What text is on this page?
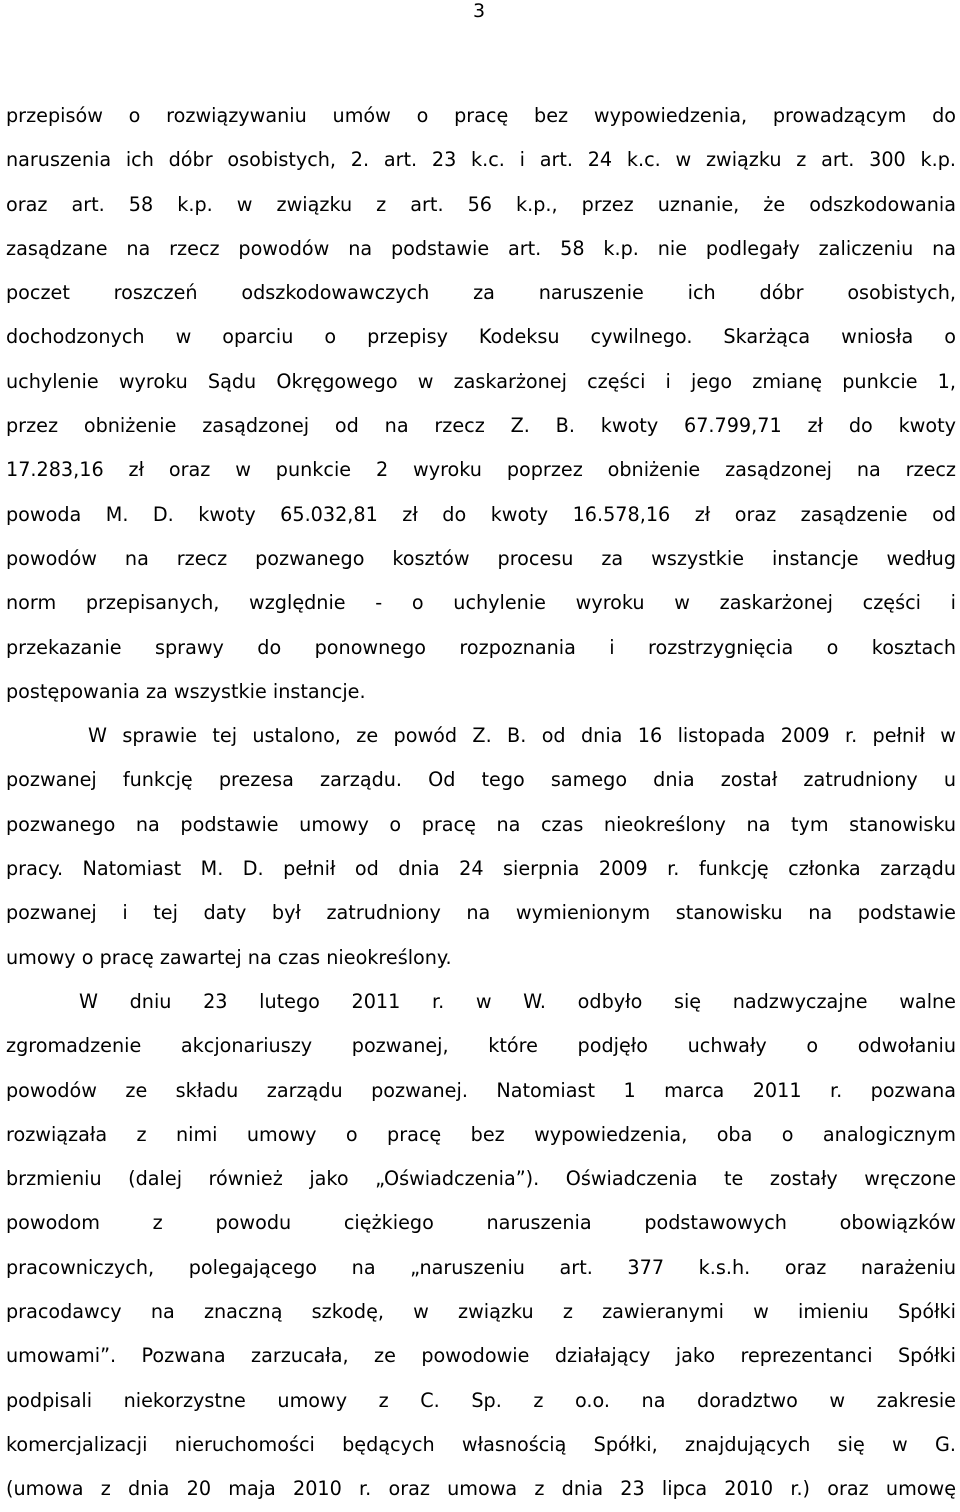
3
przepisów o rozwiązywaniu umów o pracę bez wypowiedzenia, prowadzącym do
naruszenia ich dóbr osobistych, 2. art. 23 k.c. i art. 24 k.c. w związku z art. 300 k.p.
oraz art. 58 k.p. w związku z art. 56 k.p., przez uznanie, że odszkodowania
zasądzane na rzecz powodów na podstawie art. 58 k.p. nie podlegały zaliczeniu na
poczet roszczeń odszkodowawczych za naruszenie ich dóbr osobistych,
dochodzonych w oparciu o przepisy Kodeksu cywilnego. Skarżąca wniosła o
uchylenie wyroku Sądu Okręgowego w zaskarżonej części i jego zmianę punkcie 1,
przez obniżenie zasądzonej od na rzecz Z. B. kwoty 67.799,71 zł do kwoty
17.283,16 zł oraz w punkcie 2 wyroku poprzez obniżenie zasądzonej na rzecz
powoda M. D. kwoty 65.032,81 zł do kwoty 16.578,16 zł oraz zasądzenie od
powodów na rzecz pozwanego kosztów procesu za wszystkie instancje według
norm przepisanych, względnie - o uchylenie wyroku w zaskarżonej części i
przekazanie sprawy do ponownego rozpoznania i rozstrzygnięcia o kosztach
postępowania za wszystkie instancje.
W sprawie tej ustalono, ze powód Z. B. od dnia 16 listopada 2009 r. pełnił w
pozwanej funkcję prezesa zarządu. Od tego samego dnia został zatrudniony u
pozwanego na podstawie umowy o pracę na czas nieokreślony na tym stanowisku
pracy. Natomiast M. D. pełnił od dnia 24 sierpnia 2009 r. funkcję członka zarządu
pozwanej i tej daty był zatrudniony na wymienionym stanowisku na podstawie
umowy o pracę zawartej na czas nieokreślony.
W dniu 23 lutego 2011 r. w W. odbyło się nadzwyczajne walne
zgromadzenie akcjonariuszy pozwanej, które podjęło uchwały o odwołaniu
powodów ze składu zarządu pozwanej. Natomiast 1 marca 2011 r. pozwana
rozwiązała z nimi umowy o pracę bez wypowiedzenia, oba o analogicznym
brzmieniu (dalej również jako „Oświadczenia”). Oświadczenia te zostały wręczone
powodom z powodu ciężkiego naruszenia podstawowych obowiązków
pracowniczych, polegającego na „naruszeniu art. 377 k.s.h. oraz narażeniu
pracodawcy na znaczną szkodę, w związku z zawieranymi w imieniu Spółki
umowami”. Pozwana zarzucała, ze powodowie działający jako reprezentanci Spółki
podpisali niekorzystne umowy z C. Sp. z o.o. na doradztwo w zakresie
komercjalizacji nieruchomości będących własnością Spółki, znajdujących się w G.
(umowa z dnia 20 maja 2010 r. oraz umowa z dnia 23 lipca 2010 r.) oraz umowę
